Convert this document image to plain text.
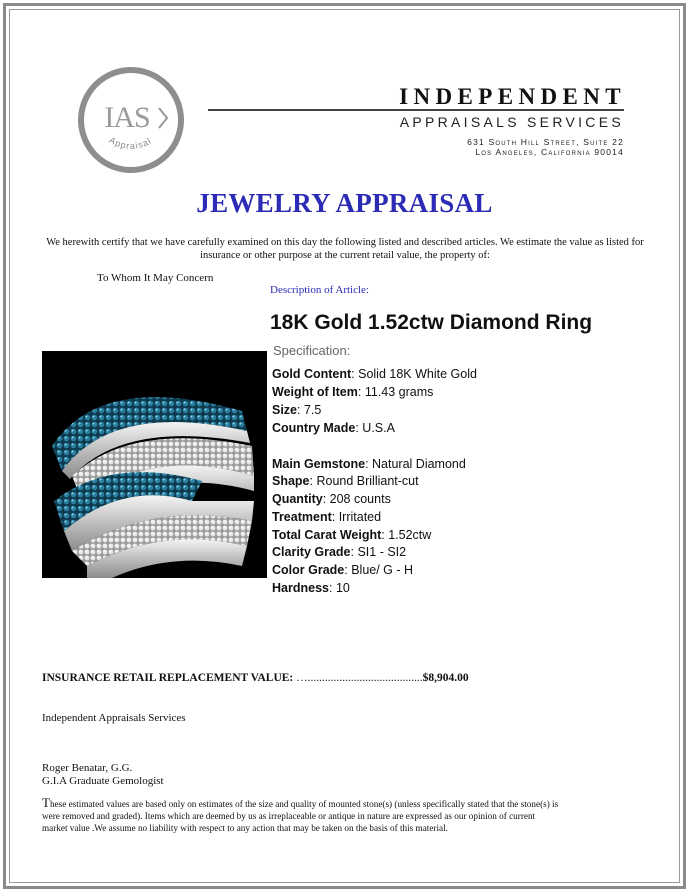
IAS
Appraisal
INDEPENDENT
APPRAISALS SERVICES
631 South Hill Street, Suite 22
Los Angeles, California 90014
JEWELRY APPRAISAL
We herewith certify that we have carefully examined on this day the following listed and described articles. We estimate the value as listed for insurance or other purpose at the current retail value, the property of:
To Whom It May Concern
Description of Article:
18K Gold 1.52ctw Diamond Ring
Specification:
Gold Content: Solid 18K White Gold
Weight of Item: 11.43 grams
Size: 7.5
Country Made: U.S.A
Main Gemstone: Natural Diamond
Shape: Round Brilliant-cut
Quantity: 208 counts
Treatment: Irritated
Total Carat Weight: 1.52ctw
Clarity Grade: SI1 - SI2
Color Grade: Blue/ G - H
Hardness: 10
INSURANCE RETAIL REPLACEMENT VALUE: …........................................$8,904.00
Independent Appraisals Services
Roger Benatar, G.G.
G.I.A Graduate Gemologist
These estimated values are based only on estimates of the size and quality of mounted stone(s) (unless specifically stated that the stone(s) is were removed and graded). Items which are deemed by us as irreplaceable or antique in nature are expressed as our opinion of current market value .We assume no liability with respect to any action that may be taken on the basis of this material.
